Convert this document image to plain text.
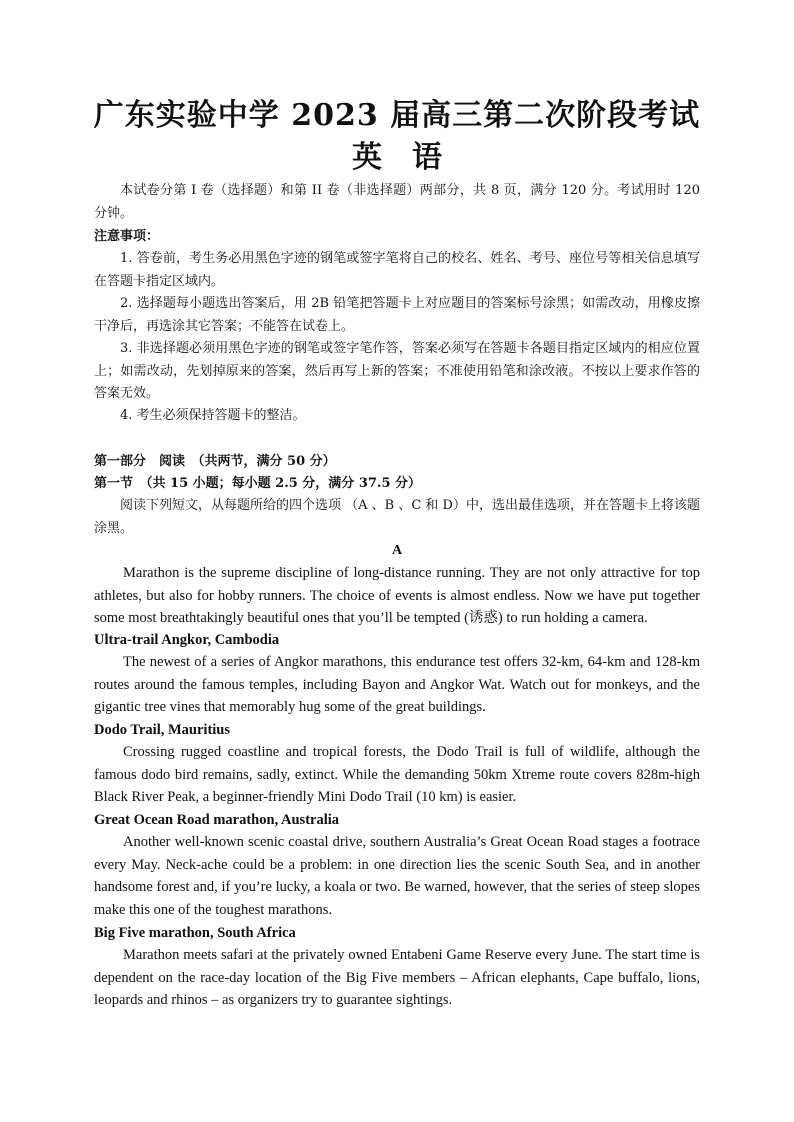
广东实验中学 2023 届高三第二次阶段考试
英　语
本试卷分第 I 卷（选择题）和第 II 卷（非选择题）两部分，共 8 页，满分 120 分。考试用时 120 分钟。
注意事项：
1. 答卷前，考生务必用黑色字迹的钢笔或签字笔将自己的校名、姓名、考号、座位号等相关信息填写在答题卡指定区域内。
2. 选择题每小题选出答案后，用 2B 铅笔把答题卡上对应题目的答案标号涂黑；如需改动，用橡皮擦干净后，再选涂其它答案；不能答在试卷上。
3. 非选择题必须用黑色字迹的钢笔或签字笔作答，答案必须写在答题卡各题目指定区域内的相应位置上；如需改动，先划掉原来的答案，然后再写上新的答案；不准使用铅笔和涂改液。不按以上要求作答的答案无效。
4. 考生必须保持答题卡的整洁。
第一部分　阅读　（共两节，满分 50 分）
第一节　（共 15 小题；每小题 2.5 分，满分 37.5 分）
阅读下列短文，从每题所给的四个选项 （A 、B 、C 和 D）中，选出最佳选项，并在答题卡上将该题涂黑。
A
Marathon is the supreme discipline of long-distance running. They are not only attractive for top athletes, but also for hobby runners. The choice of events is almost endless. Now we have put together some most breathtakingly beautiful ones that you’ll be tempted (诱惑) to run holding a camera.
Ultra-trail Angkor, Cambodia
The newest of a series of Angkor marathons, this endurance test offers 32-km, 64-km and 128-km routes around the famous temples, including Bayon and Angkor Wat. Watch out for monkeys, and the gigantic tree vines that memorably hug some of the great buildings.
Dodo Trail, Mauritius
Crossing rugged coastline and tropical forests, the Dodo Trail is full of wildlife, although the famous dodo bird remains, sadly, extinct. While the demanding 50km Xtreme route covers 828m-high Black River Peak, a beginner-friendly Mini Dodo Trail (10 km) is easier.
Great Ocean Road marathon, Australia
Another well-known scenic coastal drive, southern Australia’s Great Ocean Road stages a footrace every May. Neck-ache could be a problem: in one direction lies the scenic South Sea, and in another handsome forest and, if you’re lucky, a koala or two. Be warned, however, that the series of steep slopes make this one of the toughest marathons.
Big Five marathon, South Africa
Marathon meets safari at the privately owned Entabeni Game Reserve every June. The start time is dependent on the race-day location of the Big Five members – African elephants, Cape buffalo, lions, leopards and rhinos – as organizers try to guarantee sightings.
